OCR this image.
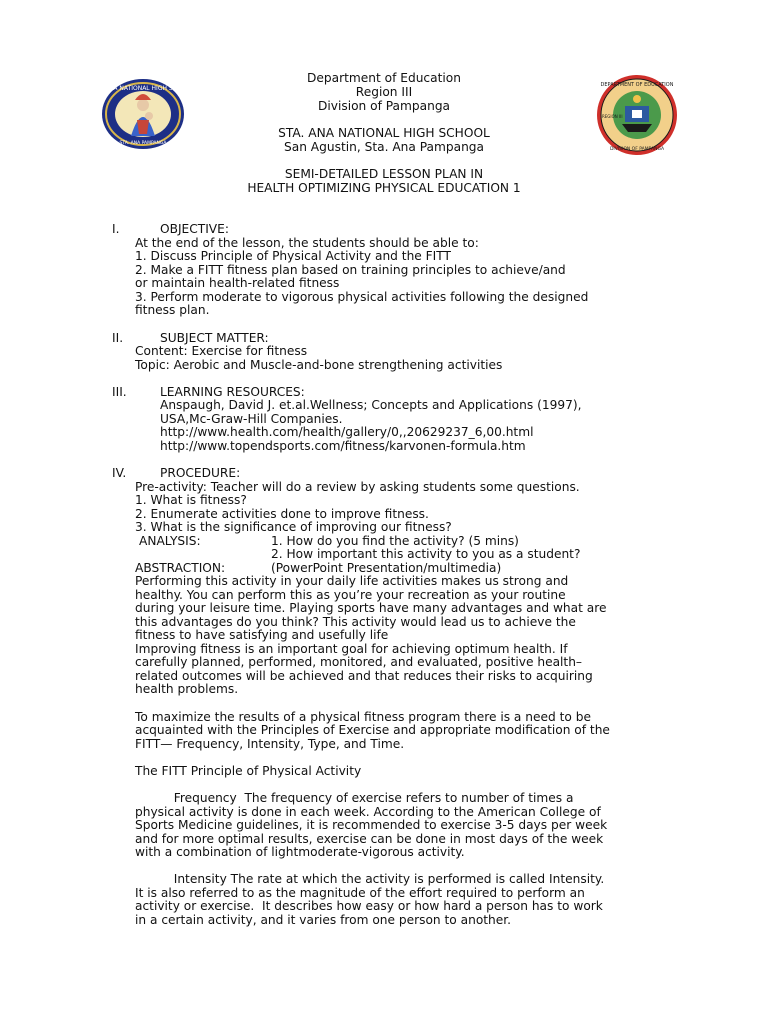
STA ANA NATIONAL HIGH SCHOOL
STA. ANA PAMPANGA
DEPARTMENT OF EDUCATION
DIVISION OF PAMPANGA
REGION III
Department of Education
Region III
Division of Pampanga
STA. ANA NATIONAL HIGH SCHOOL
San Agustin, Sta. Ana Pampanga
SEMI-DETAILED LESSON PLAN IN
HEALTH OPTIMIZING PHYSICAL EDUCATION 1
I.	OBJECTIVE:
At the end of the lesson, the students should be able to:
1. Discuss Principle of Physical Activity and the FITT
2. Make a FITT fitness plan based on training principles to achieve/and
or maintain health-related fitness
3. Perform moderate to vigorous physical activities following the designed
fitness plan.
II.	SUBJECT MATTER:
Content: Exercise for fitness
Topic: Aerobic and Muscle-and-bone strengthening activities
III.	LEARNING RESOURCES:
Anspaugh, David J. et.al.Wellness; Concepts and Applications (1997),
USA,Mc-Graw-Hill Companies.
http://www.health.com/health/gallery/0,,20629237_6,00.html
http://www.topendsports.com/fitness/karvonen-formula.htm
IV.	PROCEDURE:
Pre-activity: Teacher will do a review by asking students some questions.
1. What is fitness?
2. Enumerate activities done to improve fitness.
3. What is the significance of improving our fitness?
ANALYSIS:	1. How do you find the activity? (5 mins)
2. How important this activity to you as a student?
ABSTRACTION:	(PowerPoint Presentation/multimedia)
Performing this activity in your daily life activities makes us strong and
healthy. You can perform this as you’re your recreation as your routine
during your leisure time. Playing sports have many advantages and what are
this advantages do you think? This activity would lead us to achieve the
fitness to have satisfying and usefully life
Improving fitness is an important goal for achieving optimum health. If
carefully planned, performed, monitored, and evaluated, positive health–
related outcomes will be achieved and that reduces their risks to acquiring
health problems.
To maximize the results of a physical fitness program there is a need to be
acquainted with the Principles of Exercise and appropriate modification of the
FITT— Frequency, Intensity, Type, and Time.
The FITT Principle of Physical Activity
Frequency  The frequency of exercise refers to number of times a
physical activity is done in each week. According to the American College of
Sports Medicine guidelines, it is recommended to exercise 3-5 days per week
and for more optimal results, exercise can be done in most days of the week
with a combination of lightmoderate-vigorous activity.
Intensity The rate at which the activity is performed is called Intensity.
It is also referred to as the magnitude of the effort required to perform an
activity or exercise.  It describes how easy or how hard a person has to work
in a certain activity, and it varies from one person to another.
